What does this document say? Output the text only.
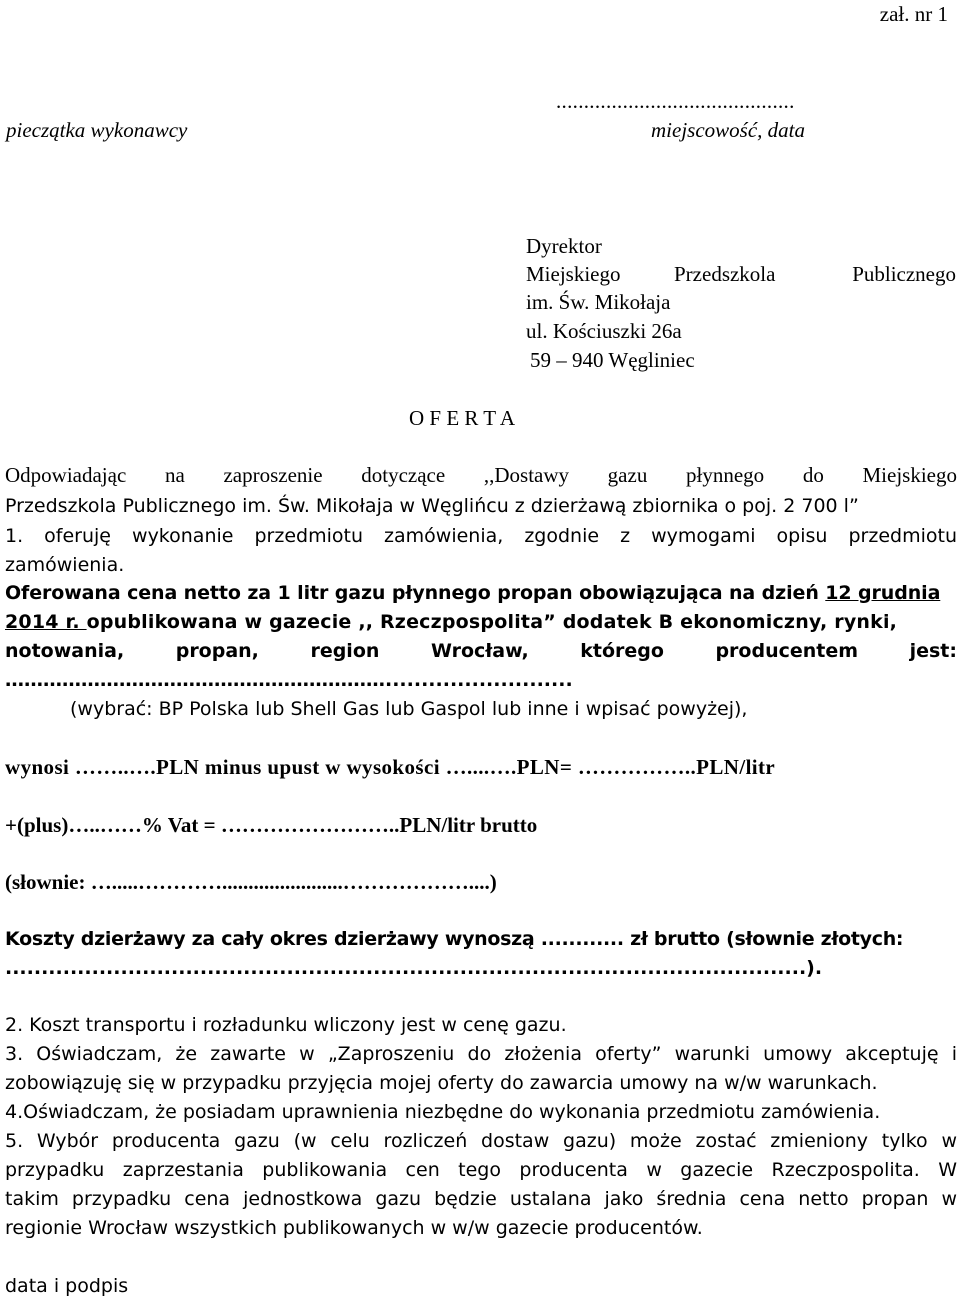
zał. nr 1
...........................................
pieczątka wykonawcy	miejscowość, data
Dyrektor
Miejskiego	Przedszkola	Publicznego
im. Św. Mikołaja
ul. Kościuszki 26a
59 – 940 Węgliniec
O F E R T A
Odpowiadając na zaproszenie dotyczące ,,Dostawy gazu płynnego do Miejskiego
Przedszkola Publicznego im. Św. Mikołaja w Węglińcu z dzierżawą zbiornika o poj. 2 700 l”
1. oferuję wykonanie przedmiotu zamówienia, zgodnie z wymogami opisu przedmiotu
zamówienia.
Oferowana cena netto za 1 litr gazu płynnego propan obowiązująca na dzień 12 grudnia
2014 r. opublikowana w gazecie ,, Rzeczpospolita” dodatek B ekonomiczny, rynki,
notowania, propan, region Wrocław, którego producentem jest:
……………………………………………………..........................
(wybrać: BP Polska lub Shell Gas lub Gaspol lub inne i wpisać powyżej),
wynosi ……..….PLN minus upust w wysokości …....….PLN= ……………..PLN/litr
+(plus)…..……% Vat = ……………………..PLN/litr brutto
(słownie: ….....………….......................………………....)
Koszty dzierżawy za cały okres dzierżawy wynoszą ............ zł brutto (słownie złotych:
...............................................................................................................).
2. Koszt transportu i rozładunku wliczony jest w cenę gazu.
3. Oświadczam, że zawarte w „Zaproszeniu do złożenia oferty” warunki umowy akceptuję i
zobowiązuję się w przypadku przyjęcia mojej oferty do zawarcia umowy na w/w warunkach.
4.Oświadczam, że posiadam uprawnienia niezbędne do wykonania przedmiotu zamówienia.
5. Wybór producenta gazu (w celu rozliczeń dostaw gazu) może zostać zmieniony tylko w
przypadku zaprzestania publikowania cen tego producenta w gazecie Rzeczpospolita. W
takim przypadku cena jednostkowa gazu będzie ustalana jako średnia cena netto propan w
regionie Wrocław wszystkich publikowanych w w/w gazecie producentów.
data i podpis
